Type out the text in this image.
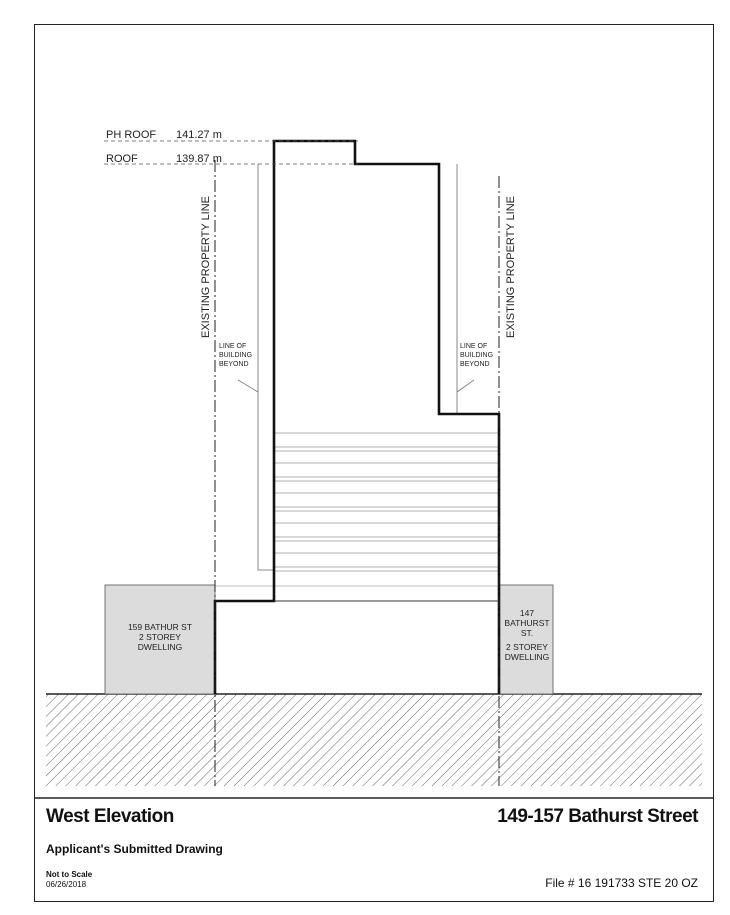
PH ROOF 141.27 m
ROOF	139.87 m
EXISTING PROPERTY LINE	EXISTING PROPERTY LINE
LINE OF
BUILDING
BEYOND
LINE OF
BUILDING
BEYOND
159 BATHUR ST
2 STOREY
DWELLING
147
BATHURST
ST.
2 STOREY
DWELLING
West Elevation	149-157 Bathurst Street
Applicant's Submitted Drawing
Not to Scale
06/26/2018	File # 16 191733 STE 20 OZ
